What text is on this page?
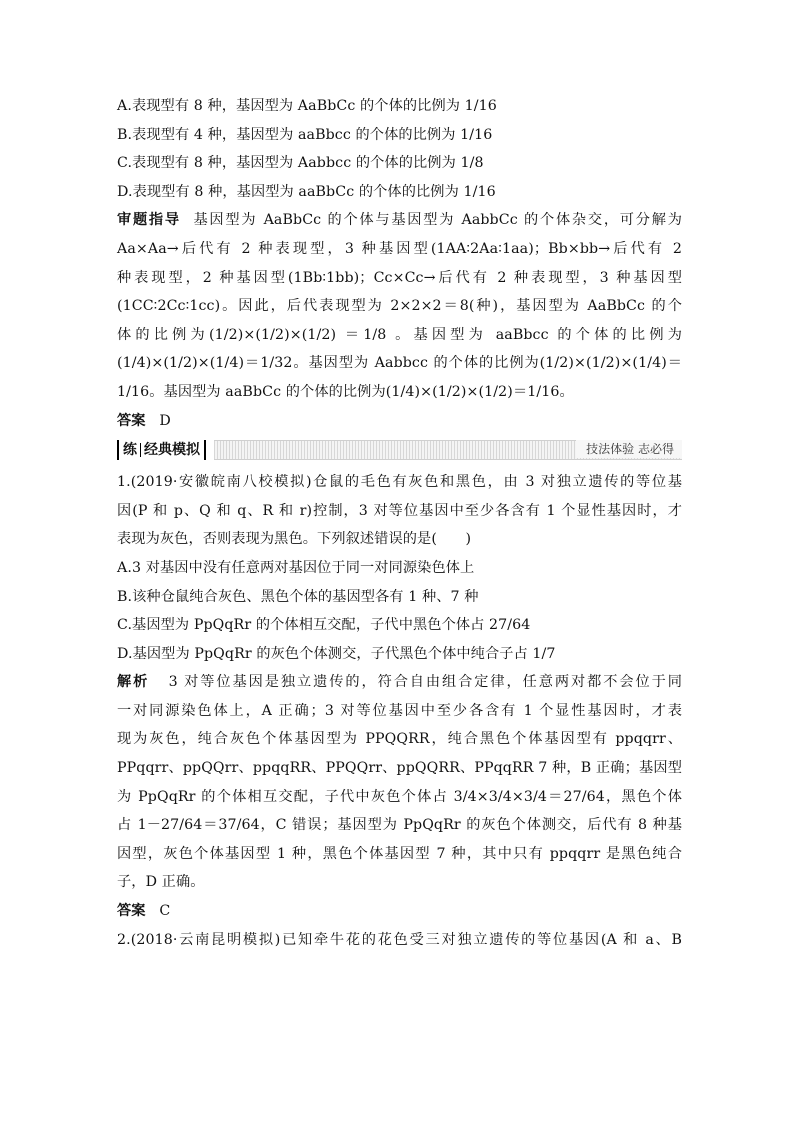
A.表现型有 8 种，基因型为 AaBbCc 的个体的比例为 1/16
B.表现型有 4 种，基因型为 aaBbcc 的个体的比例为 1/16
C.表现型有 8 种，基因型为 Aabbcc 的个体的比例为 1/8
D.表现型有 8 种，基因型为 aaBbCc 的个体的比例为 1/16
审题指导 基因型为 AaBbCc 的个体与基因型为 AabbCc 的个体杂交，可分解为
Aa×Aa→后代有 2 种表现型，3 种基因型(1AA∶2Aa∶1aa)；Bb×bb→后代有 2
种表现型，2 种基因型(1Bb∶1bb)；Cc×Cc→后代有 2 种表现型，3 种基因型
(1CC∶2Cc∶1cc)。因此，后代表现型为 2×2×2＝8(种)，基因型为 AaBbCc 的个
体的比例为(1/2)×(1/2)×(1/2) ＝1/8 。基因型为 aaBbcc 的个体的比例为
(1/4)×(1/2)×(1/4)＝1/32。基因型为 Aabbcc 的个体的比例为(1/2)×(1/2)×(1/4)＝
1/16。基因型为 aaBbCc 的个体的比例为(1/4)×(1/2)×(1/2)＝1/16。
答案 D
练 经典模拟	技法体验 志必得
1.(2019·安徽皖南八校模拟)仓鼠的毛色有灰色和黑色，由 3 对独立遗传的等位基
因(P 和 p、Q 和 q、R 和 r)控制，3 对等位基因中至少各含有 1 个显性基因时，才
表现为灰色，否则表现为黑色。下列叙述错误的是(　　)
A.3 对基因中没有任意两对基因位于同一对同源染色体上
B.该种仓鼠纯合灰色、黑色个体的基因型各有 1 种、7 种
C.基因型为 PpQqRr 的个体相互交配，子代中黑色个体占 27/64
D.基因型为 PpQqRr 的灰色个体测交，子代黑色个体中纯合子占 1/7
解析 3 对等位基因是独立遗传的，符合自由组合定律，任意两对都不会位于同
一对同源染色体上，A 正确；3 对等位基因中至少各含有 1 个显性基因时，才表
现为灰色，纯合灰色个体基因型为 PPQQRR，纯合黑色个体基因型有 ppqqrr、
PPqqrr、ppQQrr、ppqqRR、PPQQrr、ppQQRR、PPqqRR 7 种，B 正确；基因型
为 PpQqRr 的个体相互交配，子代中灰色个体占 3/4×3/4×3/4＝27/64，黑色个体
占 1－27/64＝37/64，C 错误；基因型为 PpQqRr 的灰色个体测交，后代有 8 种基
因型，灰色个体基因型 1 种，黑色个体基因型 7 种，其中只有 ppqqrr 是黑色纯合
子，D 正确。
答案 C
2.(2018·云南昆明模拟)已知牵牛花的花色受三对独立遗传的等位基因(A 和 a、B
